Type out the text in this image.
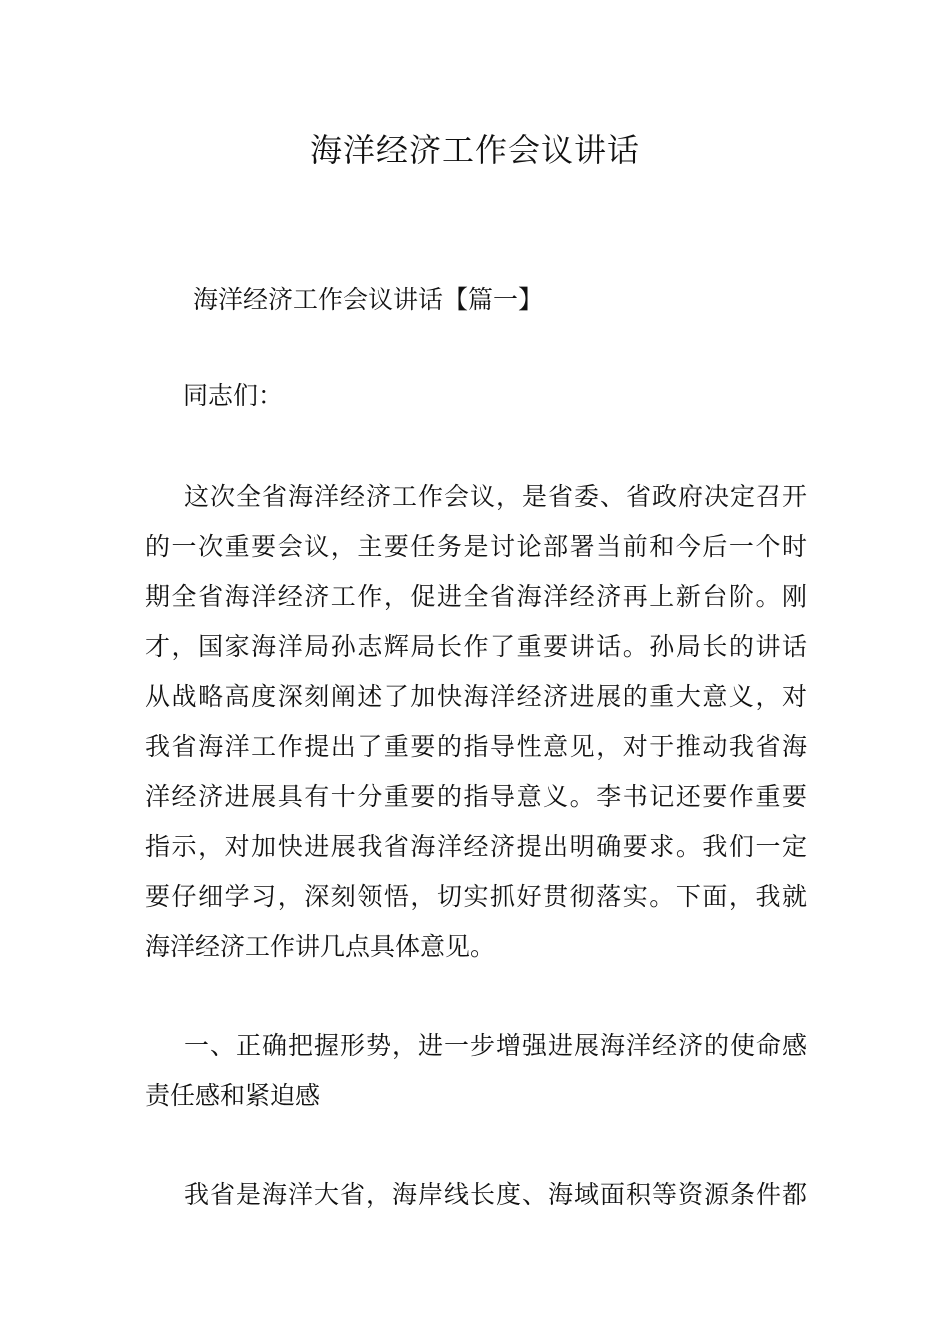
海洋经济工作会议讲话

海洋经济工作会议讲话【篇一】

同志们：

这次全省海洋经济工作会议，是省委、省政府决定召开
的一次重要会议，主要任务是讨论部署当前和今后一个时
期全省海洋经济工作，促进全省海洋经济再上新台阶。刚
才，国家海洋局孙志辉局长作了重要讲话。孙局长的讲话
从战略高度深刻阐述了加快海洋经济进展的重大意义，对
我省海洋工作提出了重要的指导性意见，对于推动我省海
洋经济进展具有十分重要的指导意义。李书记还要作重要
指示，对加快进展我省海洋经济提出明确要求。我们一定
要仔细学习，深刻领悟，切实抓好贯彻落实。下面，我就
海洋经济工作讲几点具体意见。
一、正确把握形势，进一步增强进展海洋经济的使命感
责任感和紧迫感
我省是海洋大省，海岸线长度、海域面积等资源条件都
